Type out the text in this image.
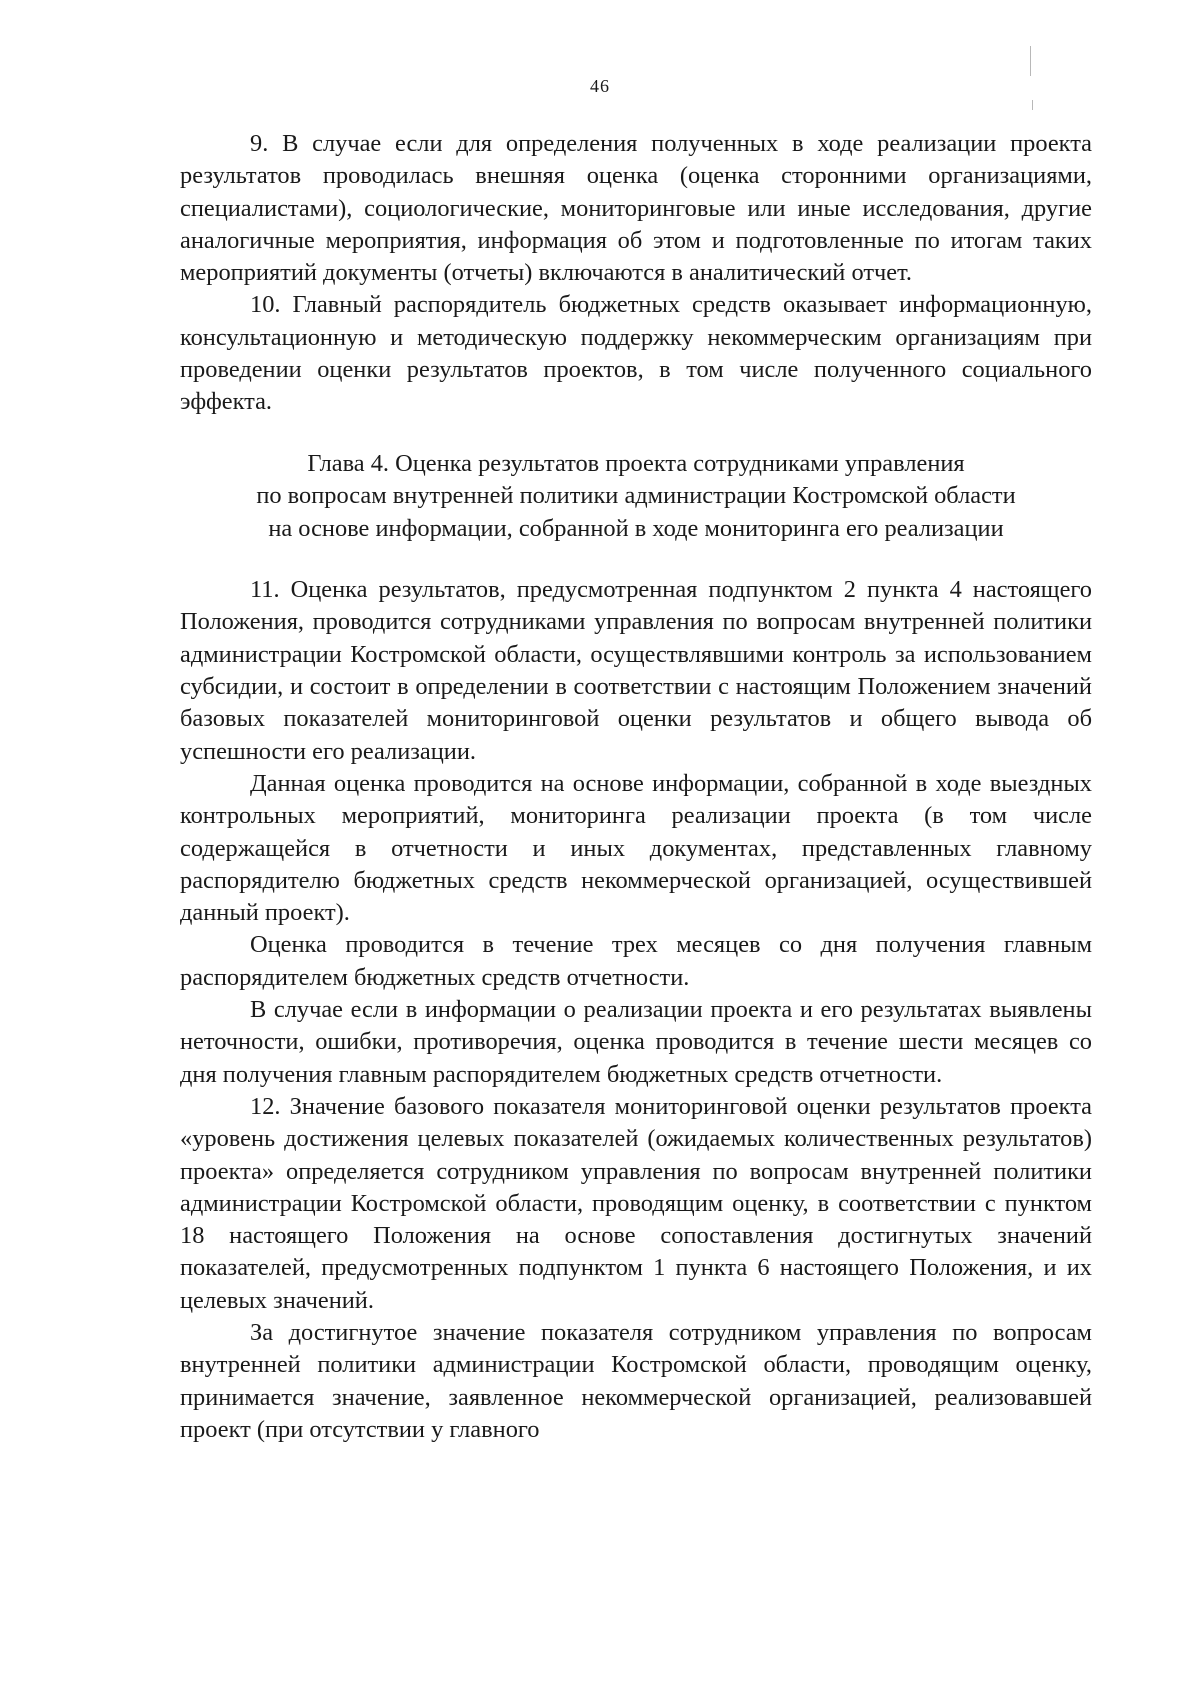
46

9. В случае если для определения полученных в ходе реализации проекта результатов проводилась внешняя оценка (оценка сторонними организациями, специалистами), социологические, мониторинговые или иные исследования, другие аналогичные мероприятия, информация об этом и подготовленные по итогам таких мероприятий документы (отчеты) включаются в аналитический отчет.

10. Главный распорядитель бюджетных средств оказывает информационную, консультационную и методическую поддержку некоммерческим организациям при проведении оценки результатов проектов, в том числе полученного социального эффекта.

Глава 4. Оценка результатов проекта сотрудниками управления
по вопросам внутренней политики администрации Костромской области
на основе информации, собранной в ходе мониторинга его реализации

11. Оценка результатов, предусмотренная подпунктом 2 пункта 4 настоящего Положения, проводится сотрудниками управления по вопросам внутренней политики администрации Костромской области, осуществлявшими контроль за использованием субсидии, и состоит в определении в соответствии с настоящим Положением значений базовых показателей мониторинговой оценки результатов и общего вывода об успешности его реализации.

Данная оценка проводится на основе информации, собранной в ходе выездных контрольных мероприятий, мониторинга реализации проекта (в том числе содержащейся в отчетности и иных документах, представленных главному распорядителю бюджетных средств некоммерческой организацией, осуществившей данный проект).

Оценка проводится в течение трех месяцев со дня получения главным распорядителем бюджетных средств отчетности.

В случае если в информации о реализации проекта и его результатах выявлены неточности, ошибки, противоречия, оценка проводится в течение шести месяцев со дня получения главным распорядителем бюджетных средств отчетности.

12. Значение базового показателя мониторинговой оценки результатов проекта «уровень достижения целевых показателей (ожидаемых количественных результатов) проекта» определяется сотрудником управления по вопросам внутренней политики администрации Костромской области, проводящим оценку, в соответствии с пунктом 18 настоящего Положения на основе сопоставления достигнутых значений показателей, предусмотренных подпунктом 1 пункта 6 настоящего Положения, и их целевых значений.

За достигнутое значение показателя сотрудником управления по вопросам внутренней политики администрации Костромской области, проводящим оценку, принимается значение, заявленное некоммерческой организацией, реализовавшей проект (при отсутствии у главного
